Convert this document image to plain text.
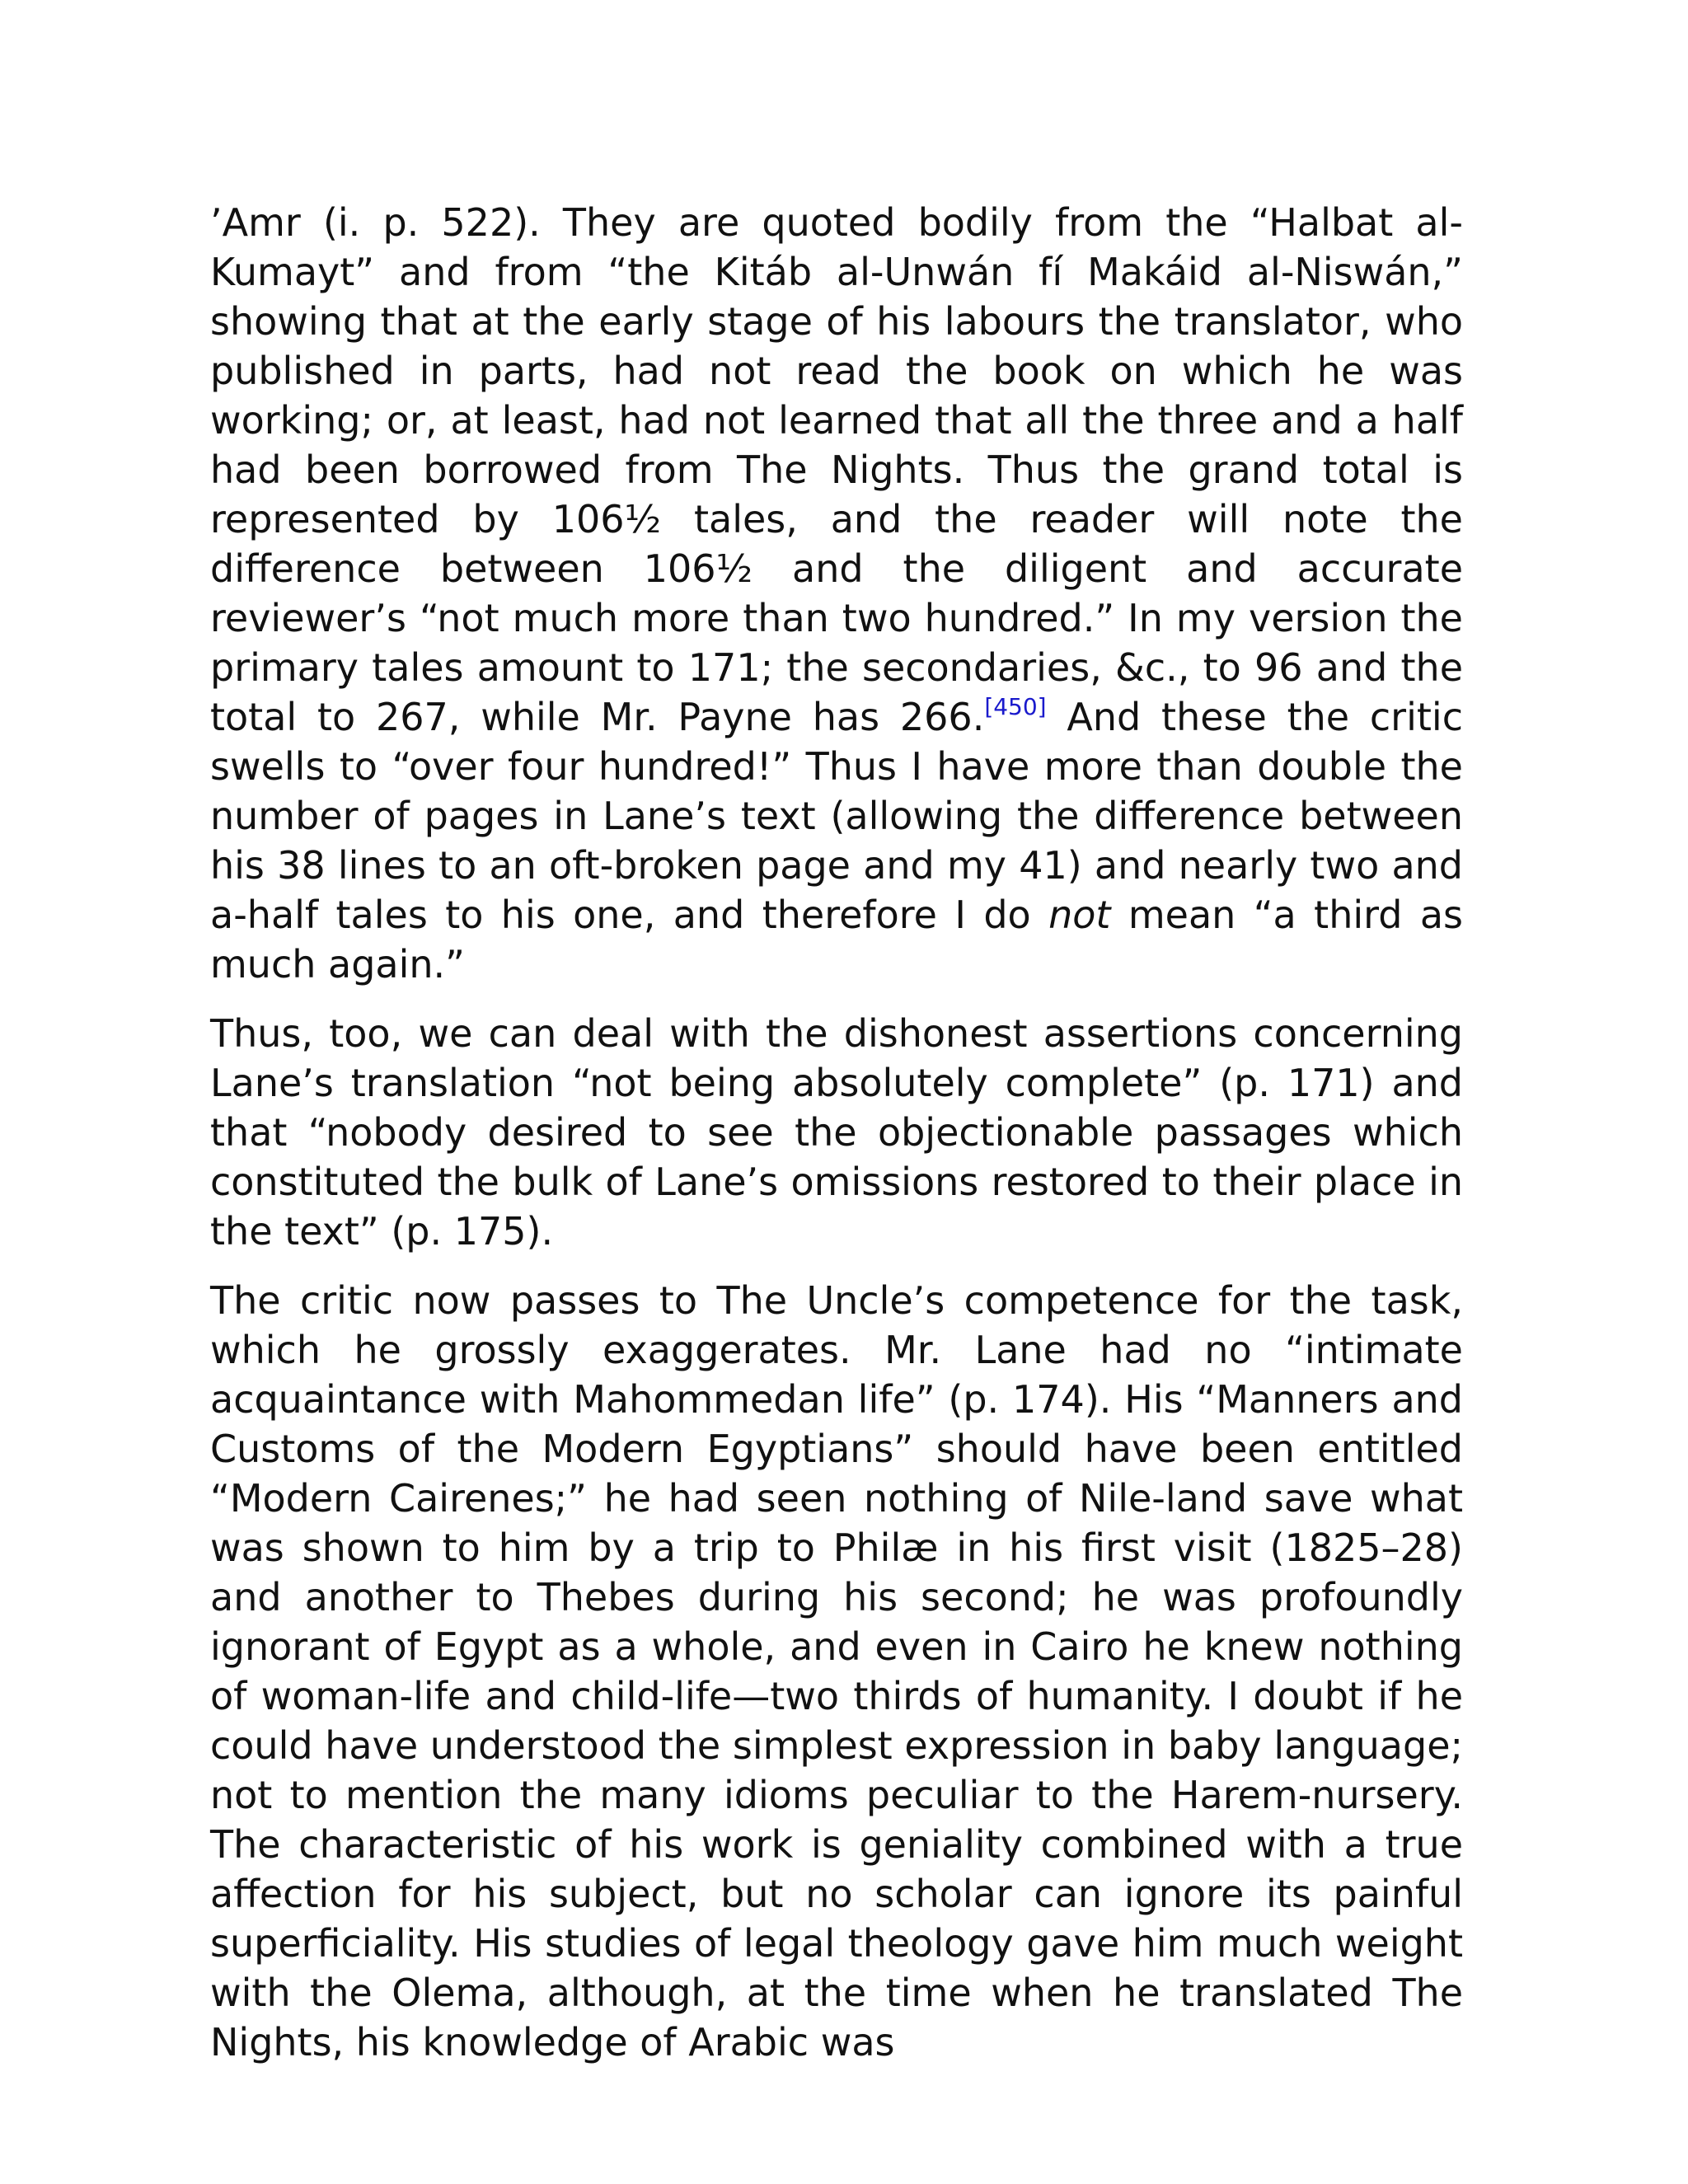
’Amr (i. p. 522). They are quoted bodily from the “Halbat al-Kumayt” and from “the Kitáb al-Unwán fí Makáid al-Niswán,” showing that at the early stage of his labours the translator, who published in parts, had not read the book on which he was working; or, at least, had not learned that all the three and a half had been borrowed from The Nights. Thus the grand total is represented by 106½ tales, and the reader will note the difference between 106½ and the diligent and accurate reviewer’s “not much more than two hundred.” In my version the primary tales amount to 171; the secondaries, &c., to 96 and the total to 267, while Mr. Payne has 266.[450] And these the critic swells to “over four hundred!” Thus I have more than double the number of pages in Lane’s text (allowing the difference between his 38 lines to an oft-broken page and my 41) and nearly two and a-half tales to his one, and therefore I do not mean “a third as much again.”

Thus, too, we can deal with the dishonest assertions concerning Lane’s translation “not being absolutely complete” (p. 171) and that “nobody desired to see the objectionable passages which constituted the bulk of Lane’s omissions restored to their place in the text” (p. 175).

The critic now passes to The Uncle’s competence for the task, which he grossly exaggerates. Mr. Lane had no “intimate acquaintance with Mahommedan life” (p. 174). His “Manners and Customs of the Modern Egyptians” should have been entitled “Modern Cairenes;” he had seen nothing of Nile-land save what was shown to him by a trip to Philæ in his first visit (1825–28) and another to Thebes during his second; he was profoundly ignorant of Egypt as a whole, and even in Cairo he knew nothing of woman-life and child-life—two thirds of humanity. I doubt if he could have understood the simplest expression in baby language; not to mention the many idioms peculiar to the Harem-nursery. The characteristic of his work is geniality combined with a true affection for his subject, but no scholar can ignore its painful superficiality. His studies of legal theology gave him much weight with the Olema, although, at the time when he translated The Nights, his knowledge of Arabic was
